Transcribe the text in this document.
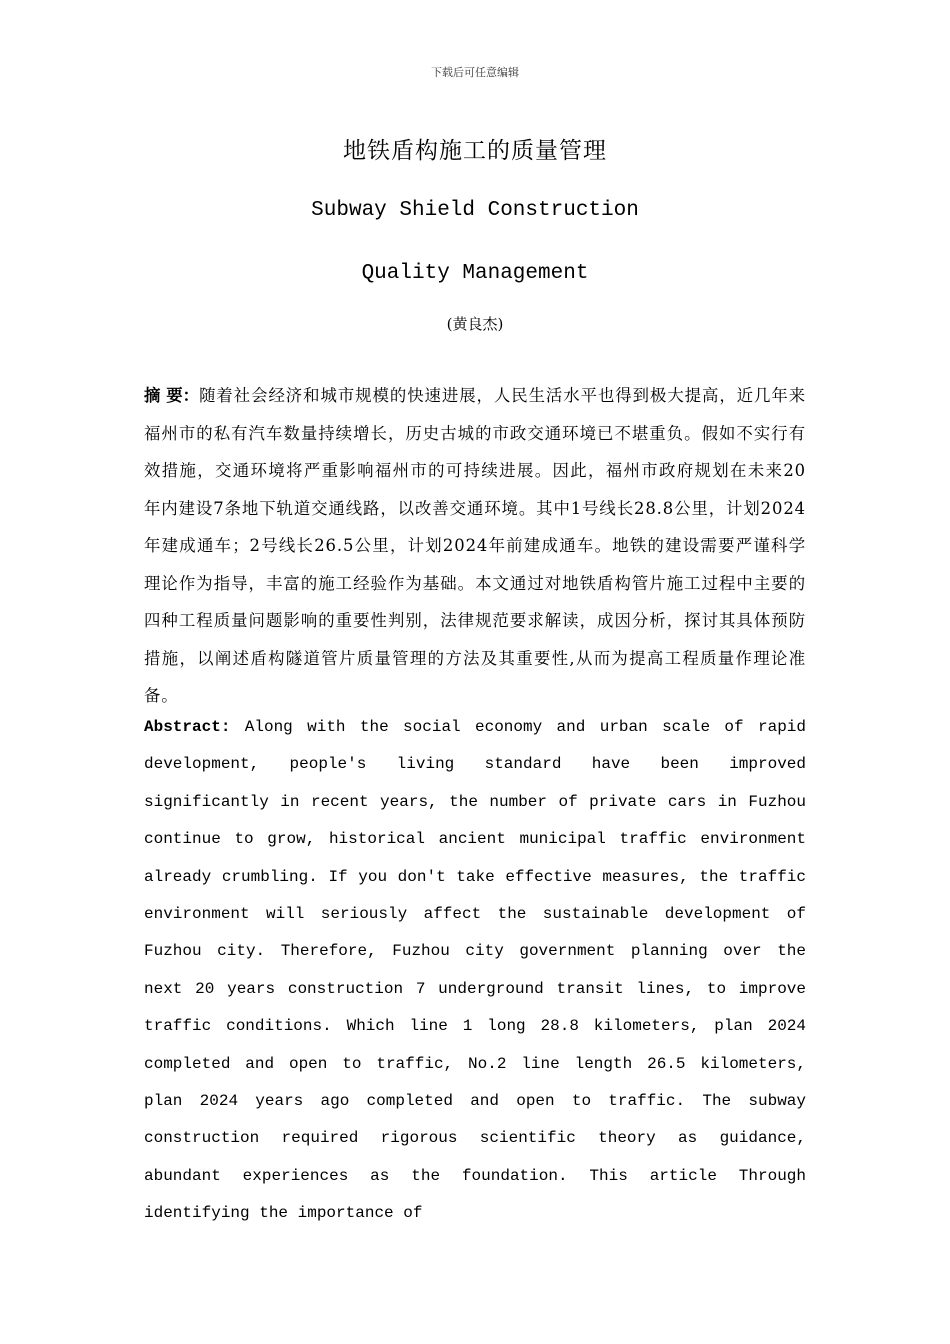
下载后可任意编辑
地铁盾构施工的质量管理
Subway Shield Construction
Quality Management
(黄良杰)

摘 要：随着社会经济和城市规模的快速进展，人民生活水平也得到极大提高，近几年来福州市的私有汽车数量持续增长，历史古城的市政交通环境已不堪重负。假如不实行有效措施，交通环境将严重影响福州市的可持续进展。因此，福州市政府规划在未来20年内建设7条地下轨道交通线路，以改善交通环境。其中1号线长28.8公里，计划2024年建成通车；2号线长26.5公里，计划2024年前建成通车。地铁的建设需要严谨科学理论作为指导，丰富的施工经验作为基础。本文通过对地铁盾构管片施工过程中主要的四种工程质量问题影响的重要性判别，法律规范要求解读，成因分析，探讨其具体预防措施，以阐述盾构隧道管片质量管理的方法及其重要性,从而为提高工程质量作理论准备。

Abstract: Along with the social economy and urban scale of rapid development, people's living standard have been improved significantly in recent years, the number of private cars in Fuzhou continue to grow, historical ancient municipal traffic environment already crumbling. If you don't take effective measures, the traffic environment will seriously affect the sustainable development of Fuzhou city. Therefore, Fuzhou city government planning over the next 20 years construction 7 underground transit lines, to improve traffic conditions. Which line 1 long 28.8 kilometers, plan 2024 completed and open to traffic, No.2 line length 26.5 kilometers, plan 2024 years ago completed and open to traffic. The subway construction required rigorous scientific theory as guidance, abundant experiences as the foundation. This article Through identifying the importance of
